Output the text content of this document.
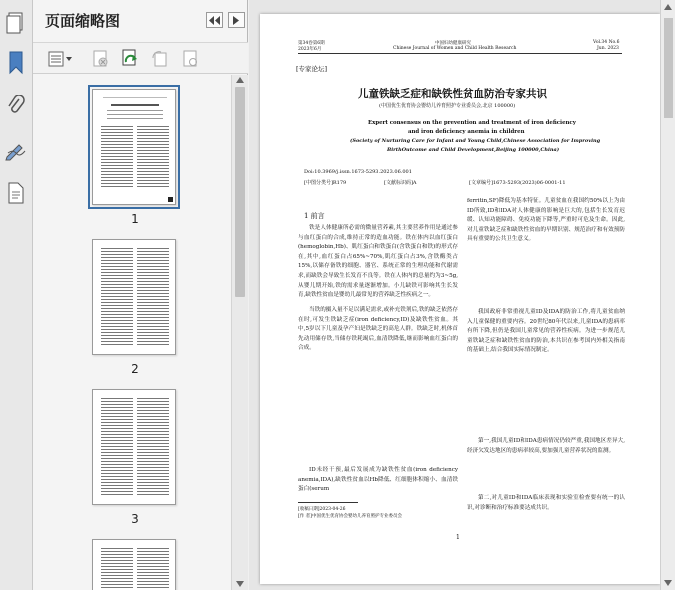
页面缩略图
1
2
3
第34卷第6期
2023年6月
中国妇幼健康研究
Chinese Journal of Women and Child Health Research
Vol.34 No.6
Jun. 2023
[专家论坛]
儿童铁缺乏症和缺铁性贫血防治专家共识
(中国优生优育协会婴幼儿养育照护专业委员会,北京 100000)
Expert consensus on the prevention and treatment of iron deficiency
and iron deficiency anemia in children
(Society of Nurturing Care for Infant and Young Child,Chinese Association for Improving
BirthOutcome and Child Development,Beijing 100000,China)
Doi:10.3969/j.issn.1673-5293.2023.06.001
[中图分类号]R179	[文献标识码]A	[文章编号]1673-5293(2023)06-0001-11
1 前言
铁是人体健康所必需的微量营养素,其主要营养作用是通过参与血红蛋白的合成,维持正常的造血功能。铁在体内以血红蛋白(hemoglobin,Hb)、肌红蛋白和铁蛋白(含铁蛋白和铁)的形式存在,其中,血红蛋白占65%~70%,肌红蛋白占3%,含铁酶类占15%,以储存备铁的细胞、器官、系统正常的生理功能和代谢需求,而缺铁会导致生长发育不良等。铁在人体内的总量约为3~5g,从婴儿期开始,铁的需求量逐渐增加。小儿缺铁可影响其生长发育,缺铁性贫血是婴幼儿最常见的营养缺乏性疾病之一。
当铁的摄入量不足以满足需求,或补充铁剂后,铁的缺乏依然存在时,可发生铁缺乏症(iron deficiency,ID)及缺铁性贫血。其中,5岁以下儿童及孕产妇是铁缺乏的高危人群。铁缺乏时,机体首先动用储存铁,当储存铁耗竭后,血清铁降低,继而影响血红蛋白的合成。
ID未经干预,最后发展成为缺铁性贫血(iron deficiency anemia,IDA),缺铁性贫血以Hb降低、红细胞体积缩小、血清铁蛋白(serum
[收稿日期]2023-04-26
[作 者]中国优生优育协会婴幼儿养育照护专业委员会
ferritin,SF)降低为基本特征。儿童贫血在我国约50%以上为由ID所致,ID和IDA对人体健康的影响是巨大的,包括生长发育迟缓、认知功能障碍、免疫功能下降等,严重时可危及生命。因此,对儿童铁缺乏症和缺铁性贫血的早期识别、规范治疗和有效预防具有重要的公共卫生意义。
我国政府非常重视儿童ID及IDA的防治工作,将儿童贫血纳入儿童保健的重要内容。20世纪80年代以来,儿童IDA的患病率有所下降,但仍是我国儿童常见的营养性疾病。为进一步规范儿童铁缺乏症和缺铁性贫血的防治,本共识在参考国内外相关指南的基础上,结合我国实际情况制定。
第一,我国儿童ID和IDA患病情况仍较严重,我国地区差异大,经济欠发达地区的患病率较高,要加强儿童营养状况的监测。
第二,对儿童ID和IDA临床表现和实验室检查要有统一的认识,对诊断和治疗标准要达成共识。
1
